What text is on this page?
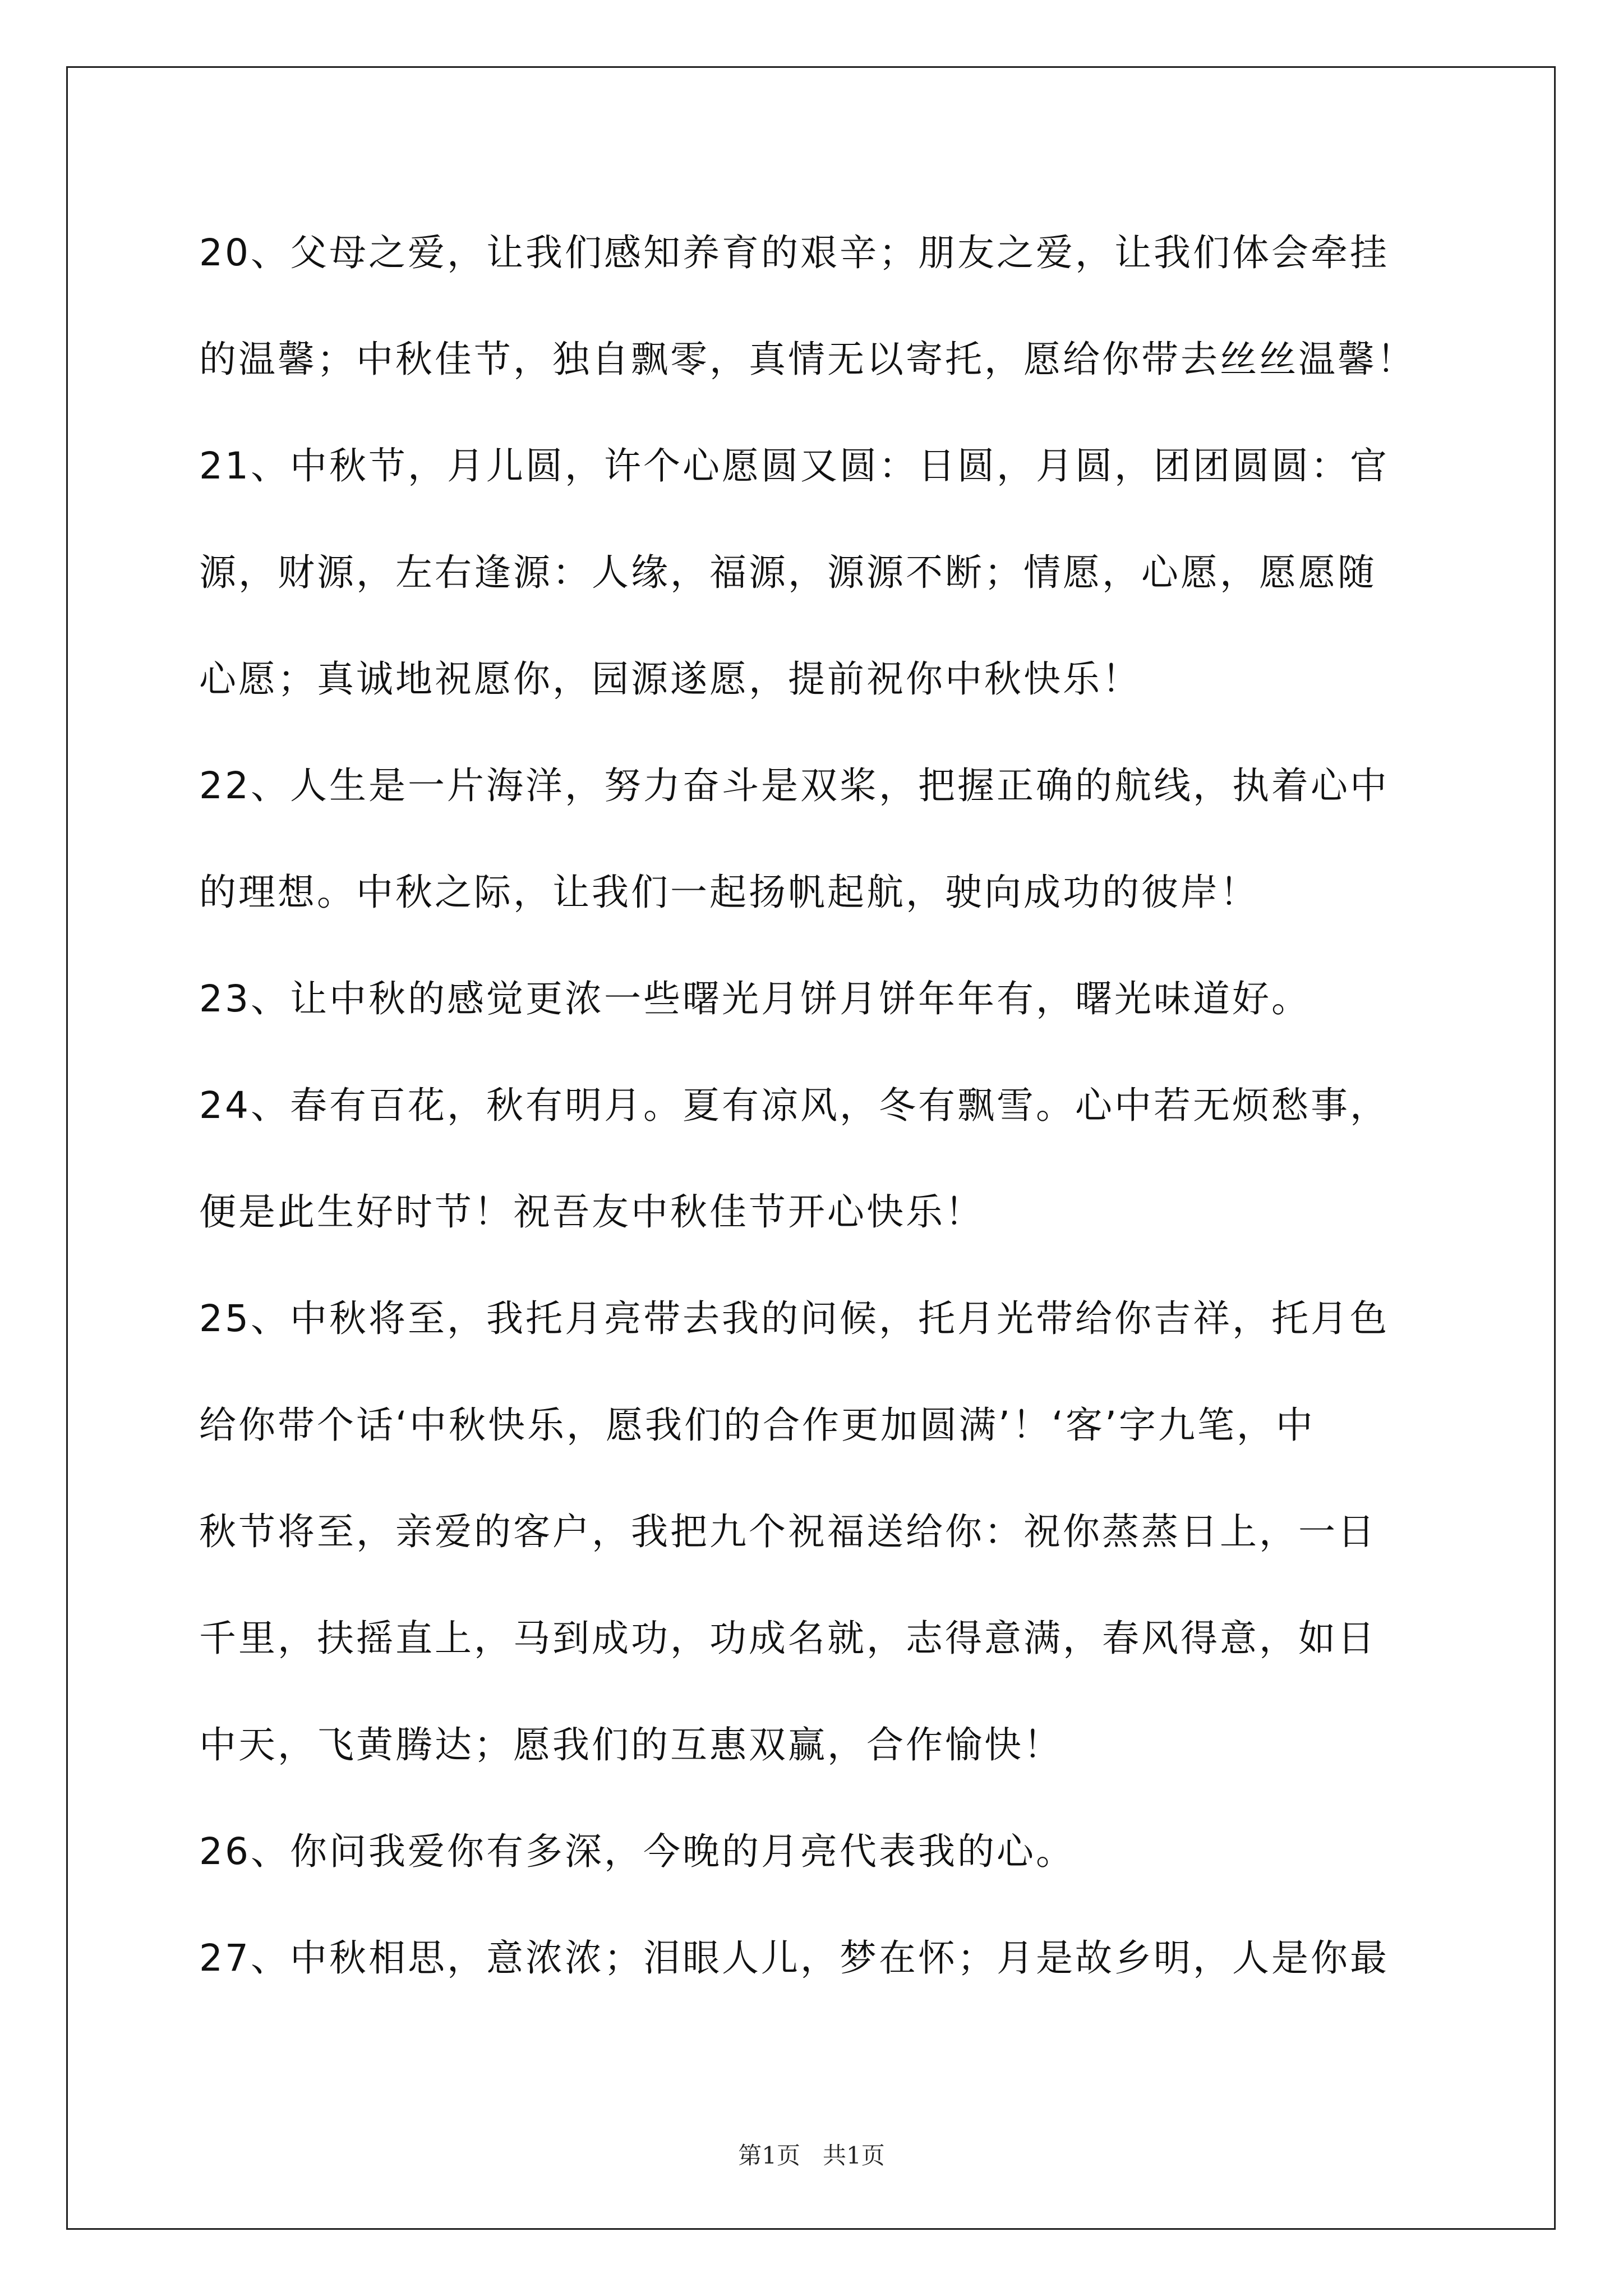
20、父母之爱，让我们感知养育的艰辛；朋友之爱，让我们体会牵挂
的温馨；中秋佳节，独自飘零，真情无以寄托，愿给你带去丝丝温馨！
21、中秋节，月儿圆，许个心愿圆又圆：日圆，月圆，团团圆圆：官
源，财源，左右逢源：人缘，福源，源源不断；情愿，心愿，愿愿随
心愿；真诚地祝愿你，园源遂愿，提前祝你中秋快乐！
22、人生是一片海洋，努力奋斗是双桨，把握正确的航线，执着心中
的理想。中秋之际，让我们一起扬帆起航，驶向成功的彼岸！
23、让中秋的感觉更浓一些曙光月饼月饼年年有，曙光味道好。
24、春有百花，秋有明月。夏有凉风，冬有飘雪。心中若无烦愁事，
便是此生好时节！祝吾友中秋佳节开心快乐！
25、中秋将至，我托月亮带去我的问候，托月光带给你吉祥，托月色
给你带个话‘中秋快乐，愿我们的合作更加圆满’！‘客’字九笔，中
秋节将至，亲爱的客户，我把九个祝福送给你：祝你蒸蒸日上，一日
千里，扶摇直上，马到成功，功成名就，志得意满，春风得意，如日
中天，飞黄腾达；愿我们的互惠双赢，合作愉快！
26、你问我爱你有多深，今晚的月亮代表我的心。
27、中秋相思，意浓浓；泪眼人儿，梦在怀；月是故乡明，人是你最
第1页   共1页
